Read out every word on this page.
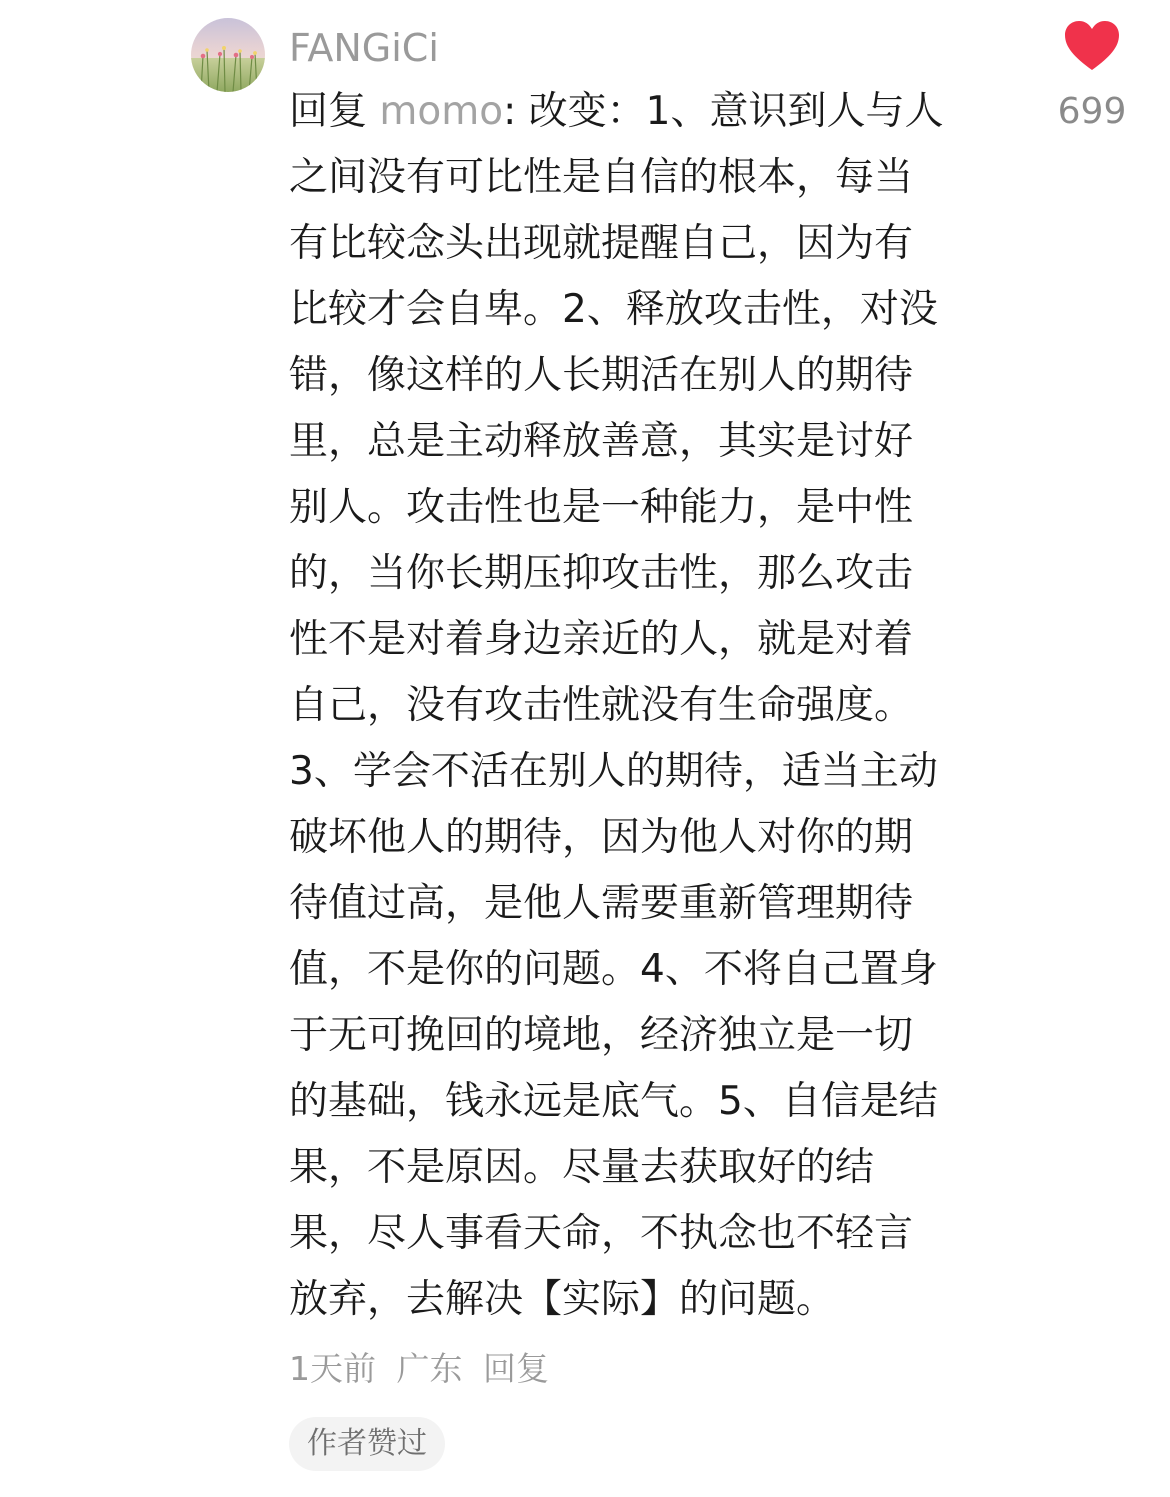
FANGiCi
回复 momo: 改变：1、意识到人与人
之间没有可比性是自信的根本，每当
有比较念头出现就提醒自己，因为有
比较才会自卑。2、释放攻击性，对没
错，像这样的人长期活在别人的期待
里，总是主动释放善意，其实是讨好
别人。攻击性也是一种能力，是中性
的，当你长期压抑攻击性，那么攻击
性不是对着身边亲近的人，就是对着
自己，没有攻击性就没有生命强度。
3、学会不活在别人的期待，适当主动
破坏他人的期待，因为他人对你的期
待值过高，是他人需要重新管理期待
值，不是你的问题。4、不将自己置身
于无可挽回的境地，经济独立是一切
的基础，钱永远是底气。5、自信是结
果，不是原因。尽量去获取好的结
果，尽人事看天命，不执念也不轻言
放弃，去解决【实际】的问题。
1天前 广东 回复
作者赞过
699
